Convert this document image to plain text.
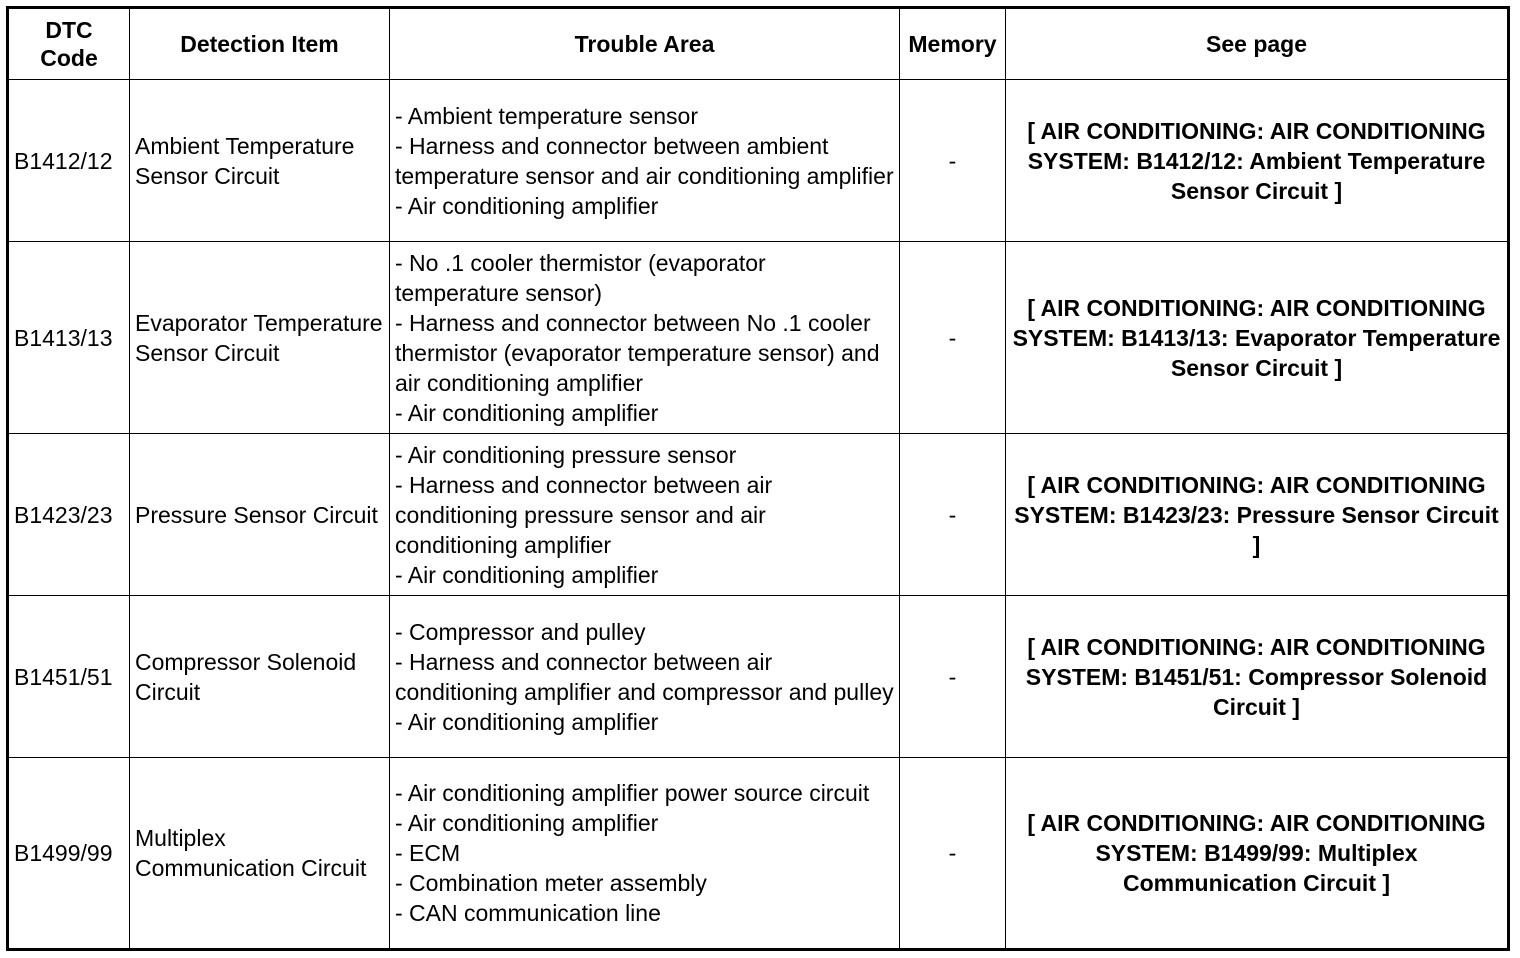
DTC
Code	Detection Item	Trouble Area	Memory	See page
B1412/12	Ambient Temperature Sensor Circuit	- Ambient temperature sensor
- Harness and connector between ambient temperature sensor and air conditioning amplifier
- Air conditioning amplifier	-	[ AIR CONDITIONING: AIR CONDITIONING SYSTEM: B1412/12: Ambient Temperature Sensor Circuit ]
B1413/13	Evaporator Temperature Sensor Circuit	- No .1 cooler thermistor (evaporator temperature sensor)
- Harness and connector between No .1 cooler thermistor (evaporator temperature sensor) and air conditioning amplifier
- Air conditioning amplifier	-	[ AIR CONDITIONING: AIR CONDITIONING SYSTEM: B1413/13: Evaporator Temperature Sensor Circuit ]
B1423/23	Pressure Sensor Circuit	- Air conditioning pressure sensor
- Harness and connector between air conditioning pressure sensor and air conditioning amplifier
- Air conditioning amplifier	-	[ AIR CONDITIONING: AIR CONDITIONING SYSTEM: B1423/23: Pressure Sensor Circuit ]
B1451/51	Compressor Solenoid Circuit	- Compressor and pulley
- Harness and connector between air conditioning amplifier and compressor and pulley
- Air conditioning amplifier	-	[ AIR CONDITIONING: AIR CONDITIONING SYSTEM: B1451/51: Compressor Solenoid Circuit ]
B1499/99	Multiplex Communication Circuit	- Air conditioning amplifier power source circuit
- Air conditioning amplifier
- ECM
- Combination meter assembly
- CAN communication line	-	[ AIR CONDITIONING: AIR CONDITIONING SYSTEM: B1499/99: Multiplex Communication Circuit ]
